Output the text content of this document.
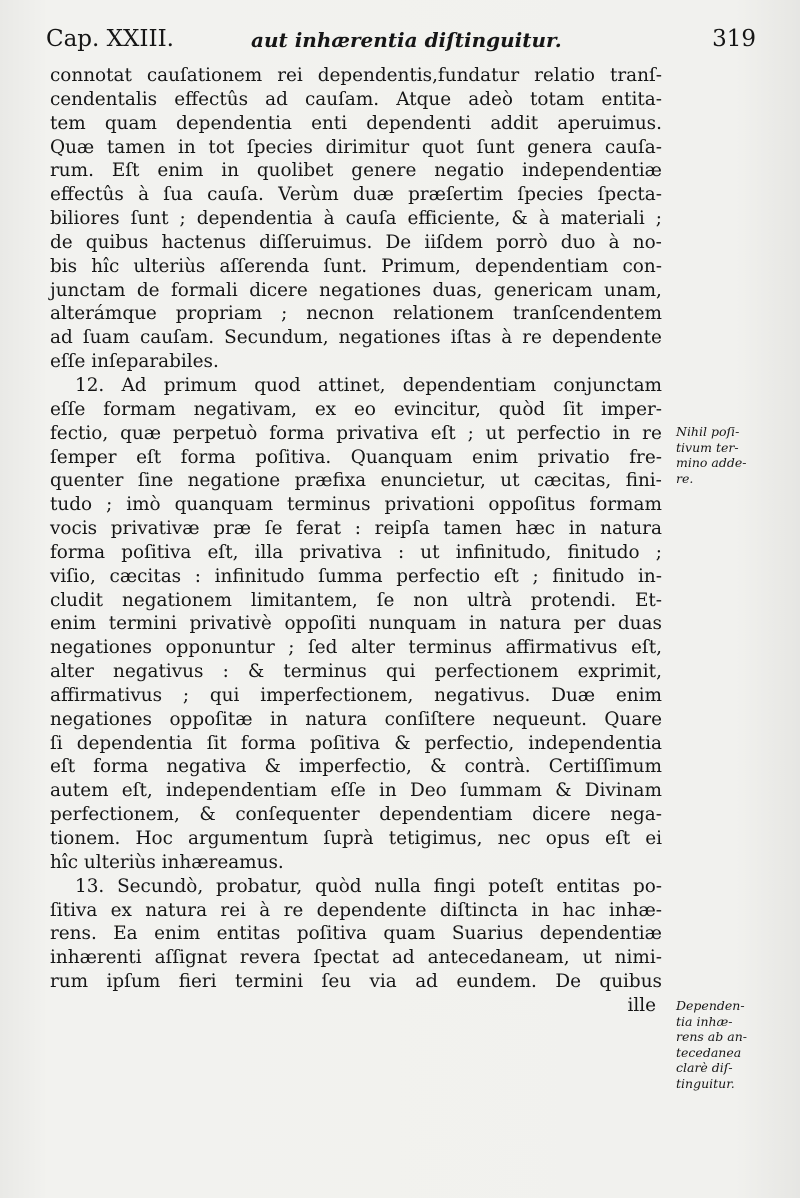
Cap. XXIII.	aut inhærentia diſtinguitur.	319
connotat cauſationem rei dependentis,fundatur relatio tranſ-
cendentalis effectûs ad cauſam. Atque adeò totam entita-
tem quam dependentia enti dependenti addit aperuimus.
Quæ tamen in tot ſpecies dirimitur quot ſunt genera cauſa-
rum. Eſt enim in quolibet genere negatio independentiæ
effectûs à ſua cauſa. Verùm duæ præſertim ſpecies ſpecta-
biliores ſunt ; dependentia à cauſa efficiente, & à materiali ;
de quibus hactenus diſſeruimus. De iiſdem porrò duo à no-
bis hîc ulteriùs aſſerenda ſunt. Primum, dependentiam con-
junctam de formali dicere negationes duas, genericam unam,
alterámque propriam ; necnon relationem tranſcendentem
ad ſuam cauſam. Secundum, negationes iſtas à re dependente
eſſe inſeparabiles.
12. Ad primum quod attinet, dependentiam conjunctam
eſſe formam negativam, ex eo evincitur, quòd ſit imper-
fectio, quæ perpetuò forma privativa eſt ; ut perfectio in re
ſemper eſt forma poſitiva. Quanquam enim privatio fre-
quenter ſine negatione præfixa enuncietur, ut cæcitas, fini-
tudo ; imò quanquam terminus privationi oppoſitus formam
vocis privativæ præ ſe ferat : reipſa tamen hæc in natura
forma poſitiva eſt, illa privativa : ut infinitudo, finitudo ;
viſio, cæcitas : infinitudo ſumma perfectio eſt ; finitudo in-
cludit negationem limitantem, ſe non ultrà protendi. Et-
enim termini privativè oppoſiti nunquam in natura per duas
negationes opponuntur ; ſed alter terminus affirmativus eſt,
alter negativus : & terminus qui perfectionem exprimit,
affirmativus ; qui imperfectionem, negativus. Duæ enim
negationes oppoſitæ in natura conſiſtere nequeunt. Quare
ſi dependentia ſit forma poſitiva & perfectio, independentia
eſt forma negativa & imperfectio, & contrà. Certiſſimum
autem eſt, independentiam eſſe in Deo ſummam & Divinam
perfectionem, & conſequenter dependentiam dicere nega-
tionem. Hoc argumentum ſuprà tetigimus, nec opus eſt ei
hîc ulteriùs inhæreamus.
13. Secundò, probatur, quòd nulla fingi poteſt entitas po-
ſitiva ex natura rei à re dependente diſtincta in hac inhæ-
rens. Ea enim entitas poſitiva quam Suarius dependentiæ
inhærenti aſſignat revera ſpectat ad antecedaneam, ut nimi-
rum ipſum fieri termini ſeu via ad eundem. De quibus
ille
Nihil poſi-
tivum ter-
mino adde-
re.
Dependen-
tia inhæ-
rens ab an-
tecedanea
clarè diſ-
tinguitur.
